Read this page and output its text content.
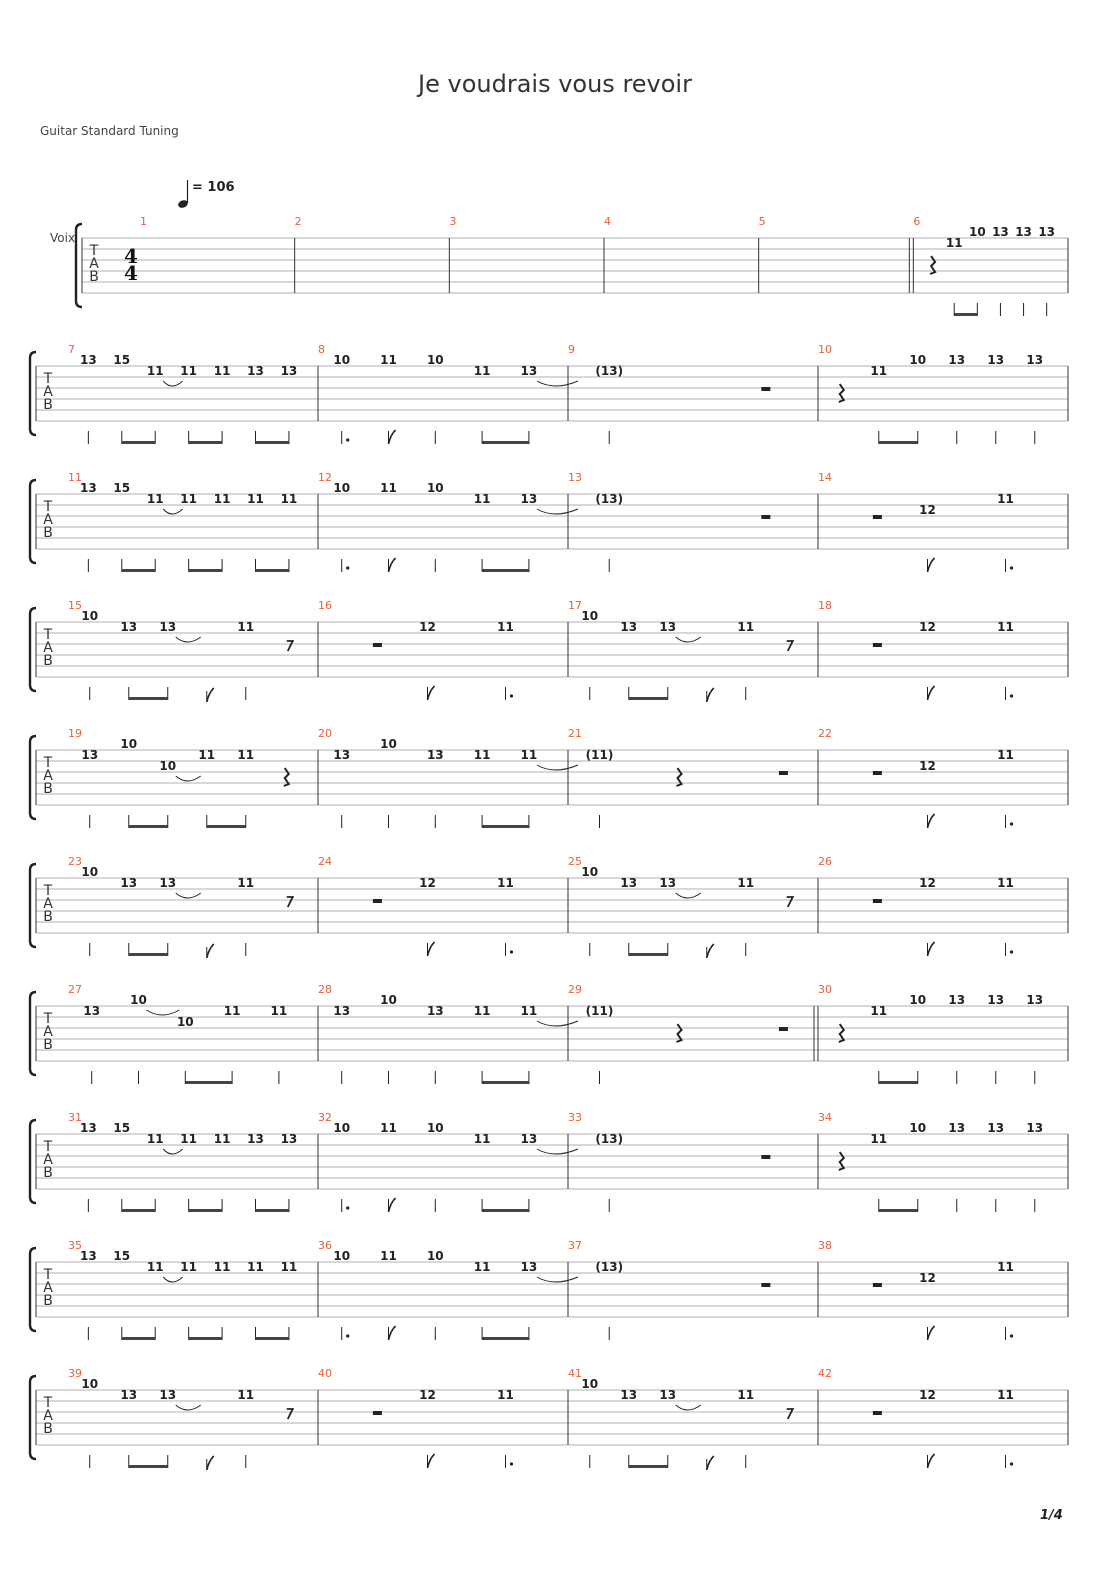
Je voudrais vous revoir
Guitar Standard Tuning
= 106
T
A
B
Voix
4
4
1	2	3	4	5	6
11
10 13 13 13
T
A
B
7
13 15
11 11 11 13 13
8
10	11	10
11	13
9
(13)
10
11
10 13 13 13
T
A
B
11
13 15
11 11 11 11 11
12
10	11	10
11	13
13
(13)
14
12
11
T
A
B
15
10
13 13	11
16
12	11
17
10
13 13	11
18
12	11
T
A
B
19
13
10
10
11 11
20
13
10
13	11	11
21
(11)
22
12
11
T
A
B
23
10
13 13	11
24
12	11
25
10
13 13	11
26
12	11
T
A
B
27
13
10
10
11	11
28
13
10
13	11	11
29
(11)
30
11
10 13 13 13
T
A
B
31
13 15
11 11 11 13 13
32
10	11	10
11	13
33
(13)
34
11
10 13 13 13
T
A
B
35
13 15
11 11 11 11 11
36
10	11	10
11	13
37
(13)
38
12
11
T
A
B
39
10
13 13	11
40
12	11
41
10
13 13	11
42
12	11
1/4
